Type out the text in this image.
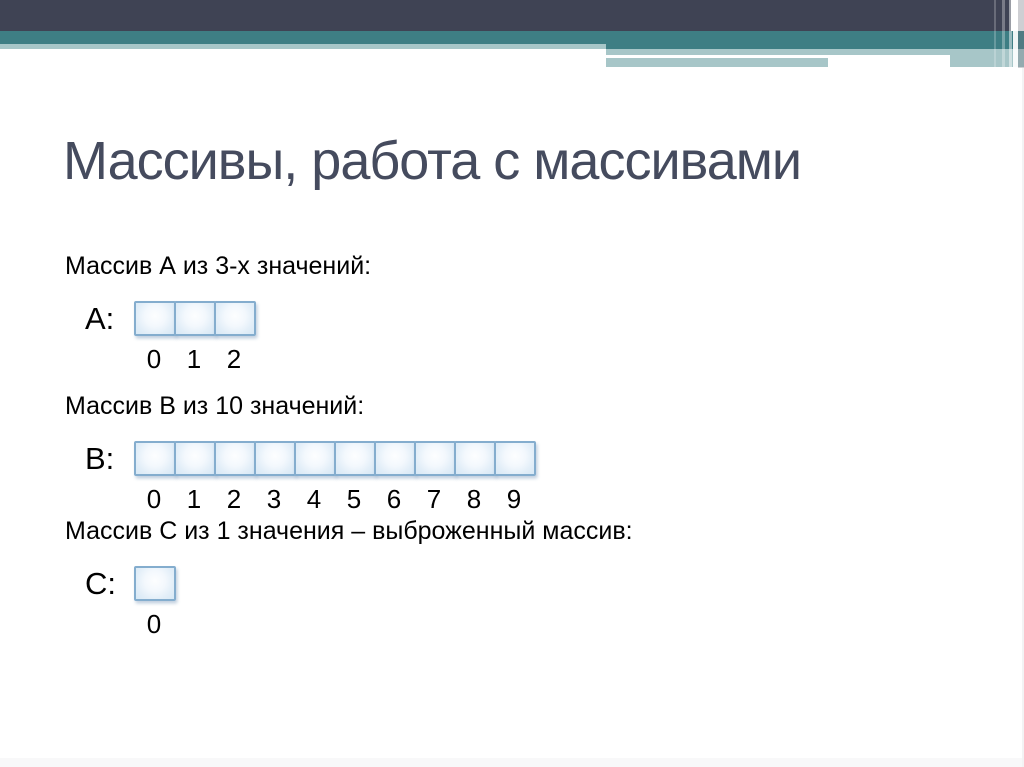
Массивы, работа с массивами
Массив А из 3-х значений:
А:
0 1 2
Массив В из 10 значений:
В:
0 1 2 3 4 5 6 7 8 9
Массив С из 1 значения – выброженный массив:
С:
0
